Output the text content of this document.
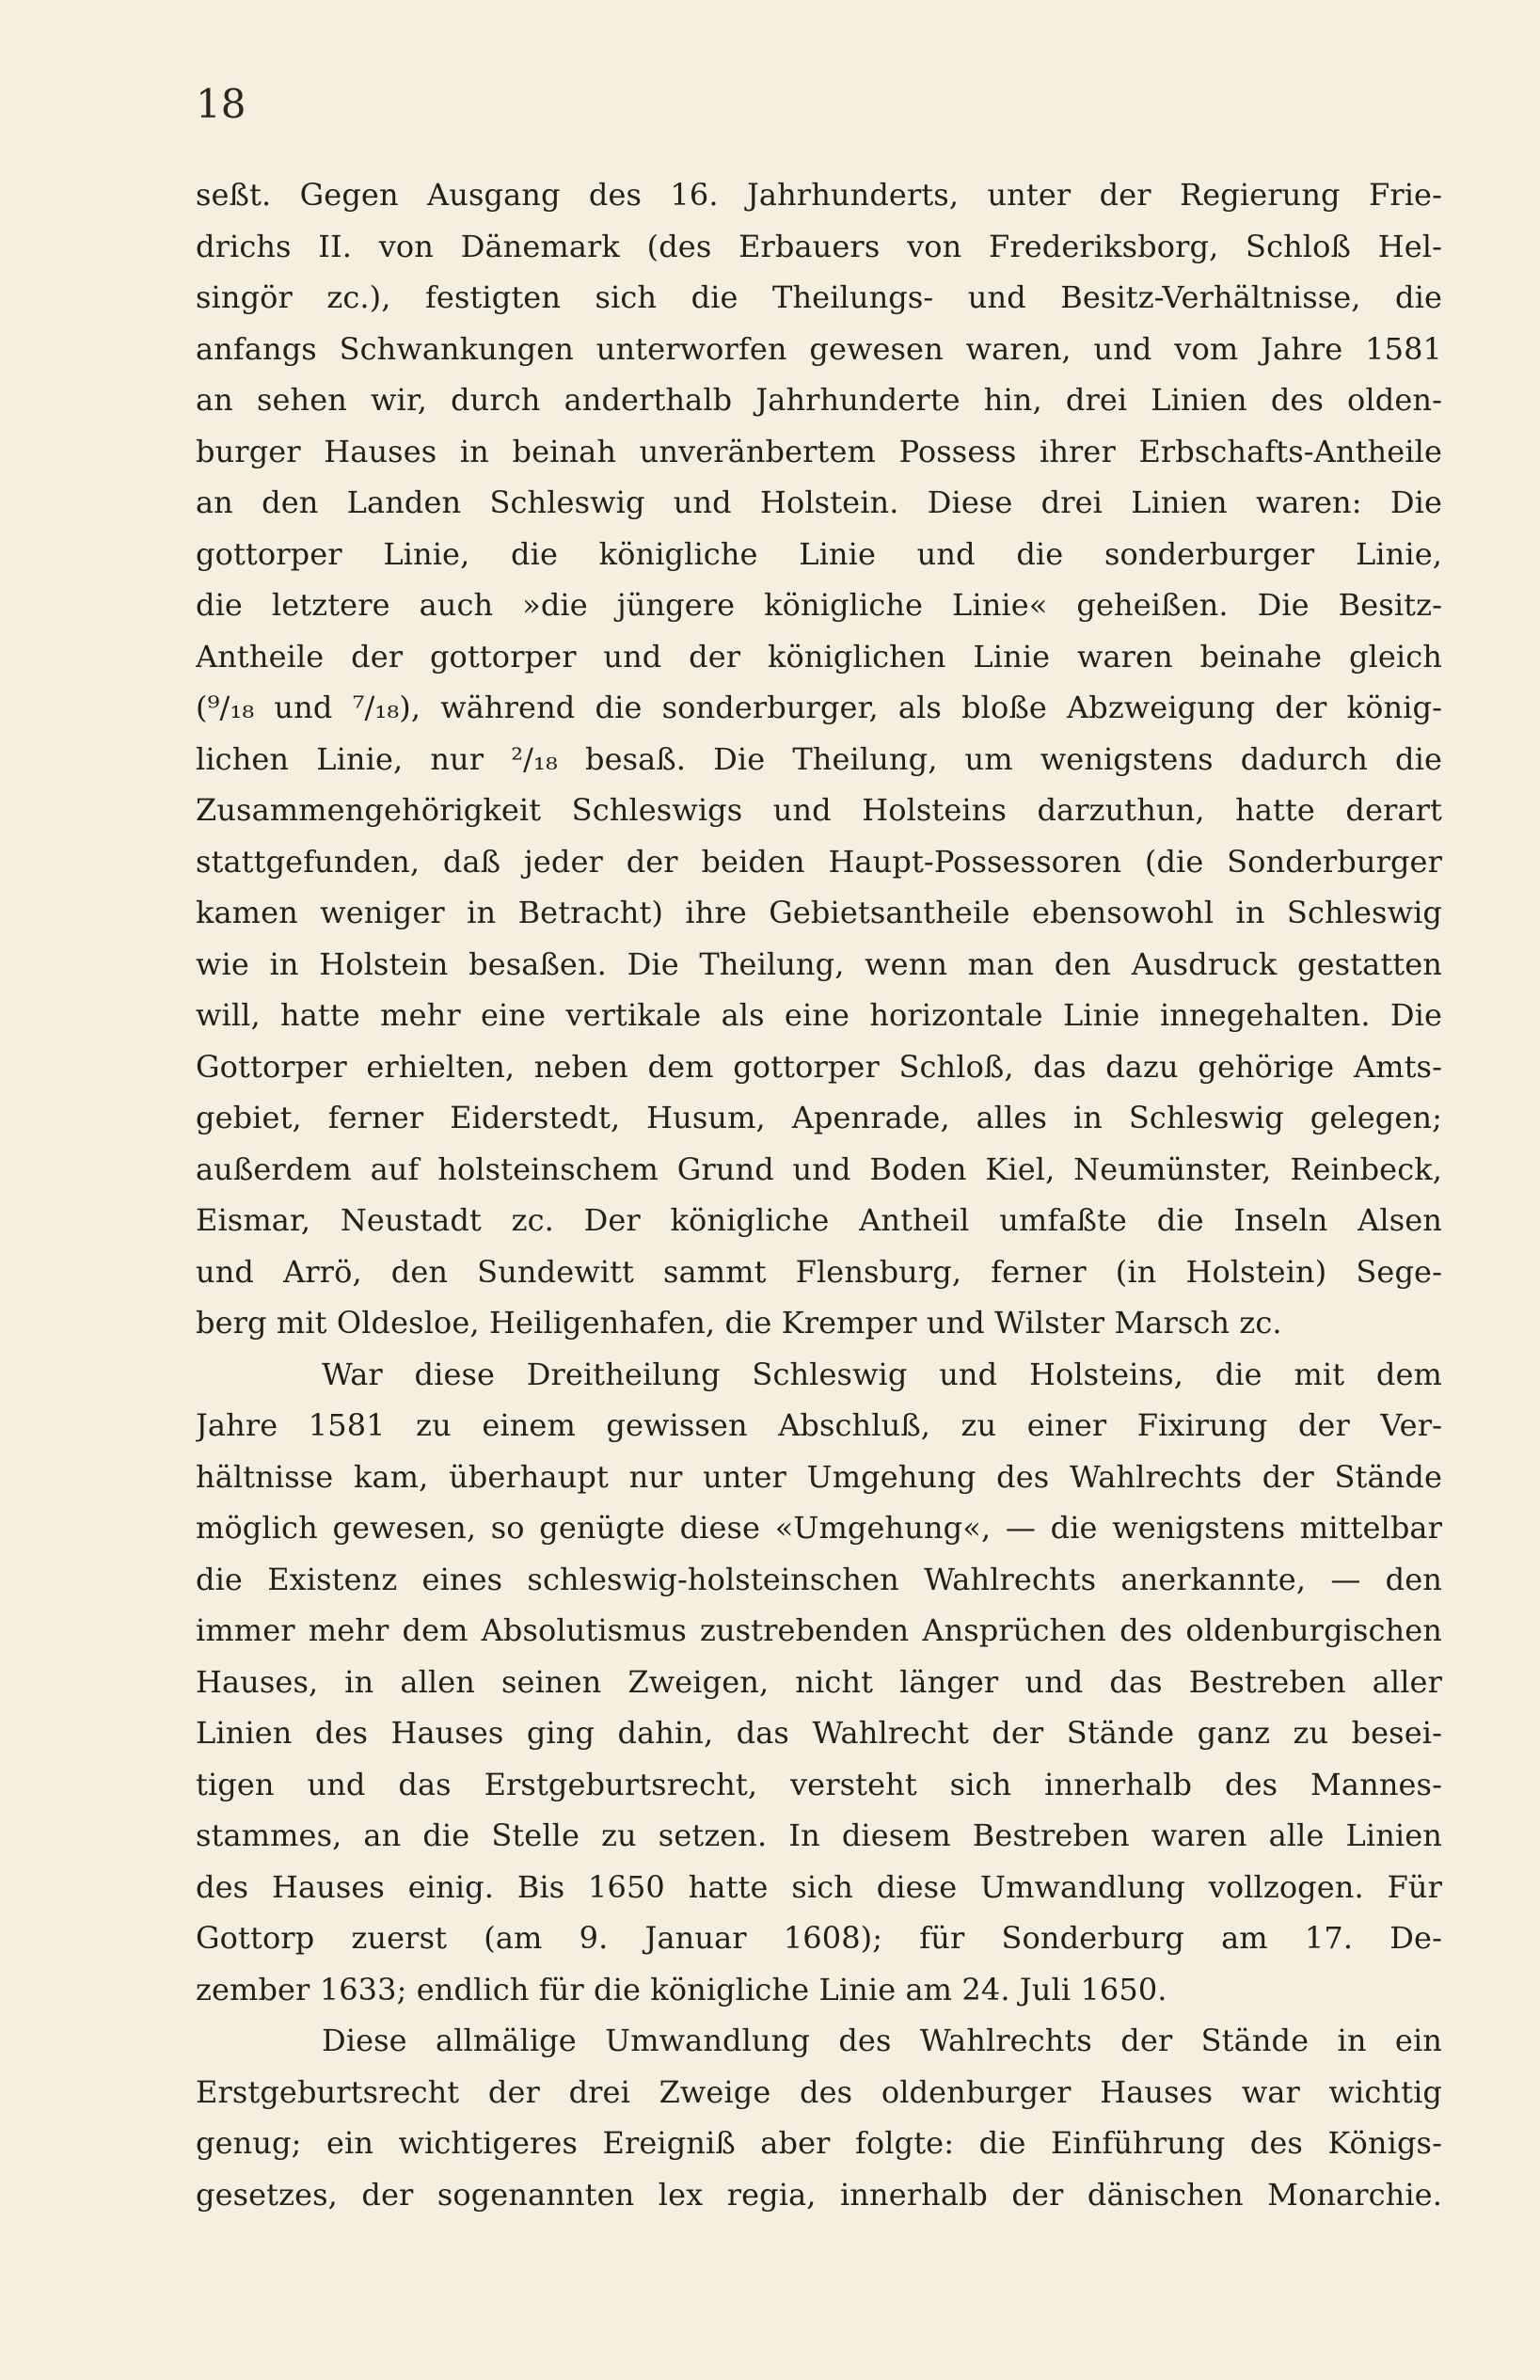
18
seßt. Gegen Ausgang des 16. Jahrhunderts, unter der Regierung Frie-
drichs II. von Dänemark (des Erbauers von Frederiksborg, Schloß Hel-
singör zc.), festigten sich die Theilungs- und Besitz-Verhältnisse, die
anfangs Schwankungen unterworfen gewesen waren, und vom Jahre 1581
an sehen wir, durch anderthalb Jahrhunderte hin, drei Linien des olden-
burger Hauses in beinah unveränbertem Possess ihrer Erbschafts-Antheile
an den Landen Schleswig und Holstein. Diese drei Linien waren: Die
gottorper Linie, die königliche Linie und die sonderburger Linie,
die letztere auch »die jüngere königliche Linie« geheißen. Die Besitz-
Antheile der gottorper und der königlichen Linie waren beinahe gleich
(⁹/₁₈ und ⁷/₁₈), während die sonderburger, als bloße Abzweigung der könig-
lichen Linie, nur ²/₁₈ besaß. Die Theilung, um wenigstens dadurch die
Zusammengehörigkeit Schleswigs und Holsteins darzuthun, hatte derart
stattgefunden, daß jeder der beiden Haupt-Possessoren (die Sonderburger
kamen weniger in Betracht) ihre Gebietsantheile ebensowohl in Schleswig
wie in Holstein besaßen. Die Theilung, wenn man den Ausdruck gestatten
will, hatte mehr eine vertikale als eine horizontale Linie innegehalten. Die
Gottorper erhielten, neben dem gottorper Schloß, das dazu gehörige Amts-
gebiet, ferner Eiderstedt, Husum, Apenrade, alles in Schleswig gelegen;
außerdem auf holsteinschem Grund und Boden Kiel, Neumünster, Reinbeck,
Eismar, Neustadt zc. Der königliche Antheil umfaßte die Inseln Alsen
und Arrö, den Sundewitt sammt Flensburg, ferner (in Holstein) Sege-
berg mit Oldesloe, Heiligenhafen, die Kremper und Wilster Marsch zc.
War diese Dreitheilung Schleswig und Holsteins, die mit dem
Jahre 1581 zu einem gewissen Abschluß, zu einer Fixirung der Ver-
hältnisse kam, überhaupt nur unter Umgehung des Wahlrechts der Stände
möglich gewesen, so genügte diese «Umgehung«, — die wenigstens mittelbar
die Existenz eines schleswig-holsteinschen Wahlrechts anerkannte, — den
immer mehr dem Absolutismus zustrebenden Ansprüchen des oldenburgischen
Hauses, in allen seinen Zweigen, nicht länger und das Bestreben aller
Linien des Hauses ging dahin, das Wahlrecht der Stände ganz zu besei-
tigen und das Erstgeburtsrecht, versteht sich innerhalb des Mannes-
stammes, an die Stelle zu setzen. In diesem Bestreben waren alle Linien
des Hauses einig. Bis 1650 hatte sich diese Umwandlung vollzogen. Für
Gottorp zuerst (am 9. Januar 1608); für Sonderburg am 17. De-
zember 1633; endlich für die königliche Linie am 24. Juli 1650.
Diese allmälige Umwandlung des Wahlrechts der Stände in ein
Erstgeburtsrecht der drei Zweige des oldenburger Hauses war wichtig
genug; ein wichtigeres Ereigniß aber folgte: die Einführung des Königs-
gesetzes, der sogenannten lex regia, innerhalb der dänischen Monarchie.
